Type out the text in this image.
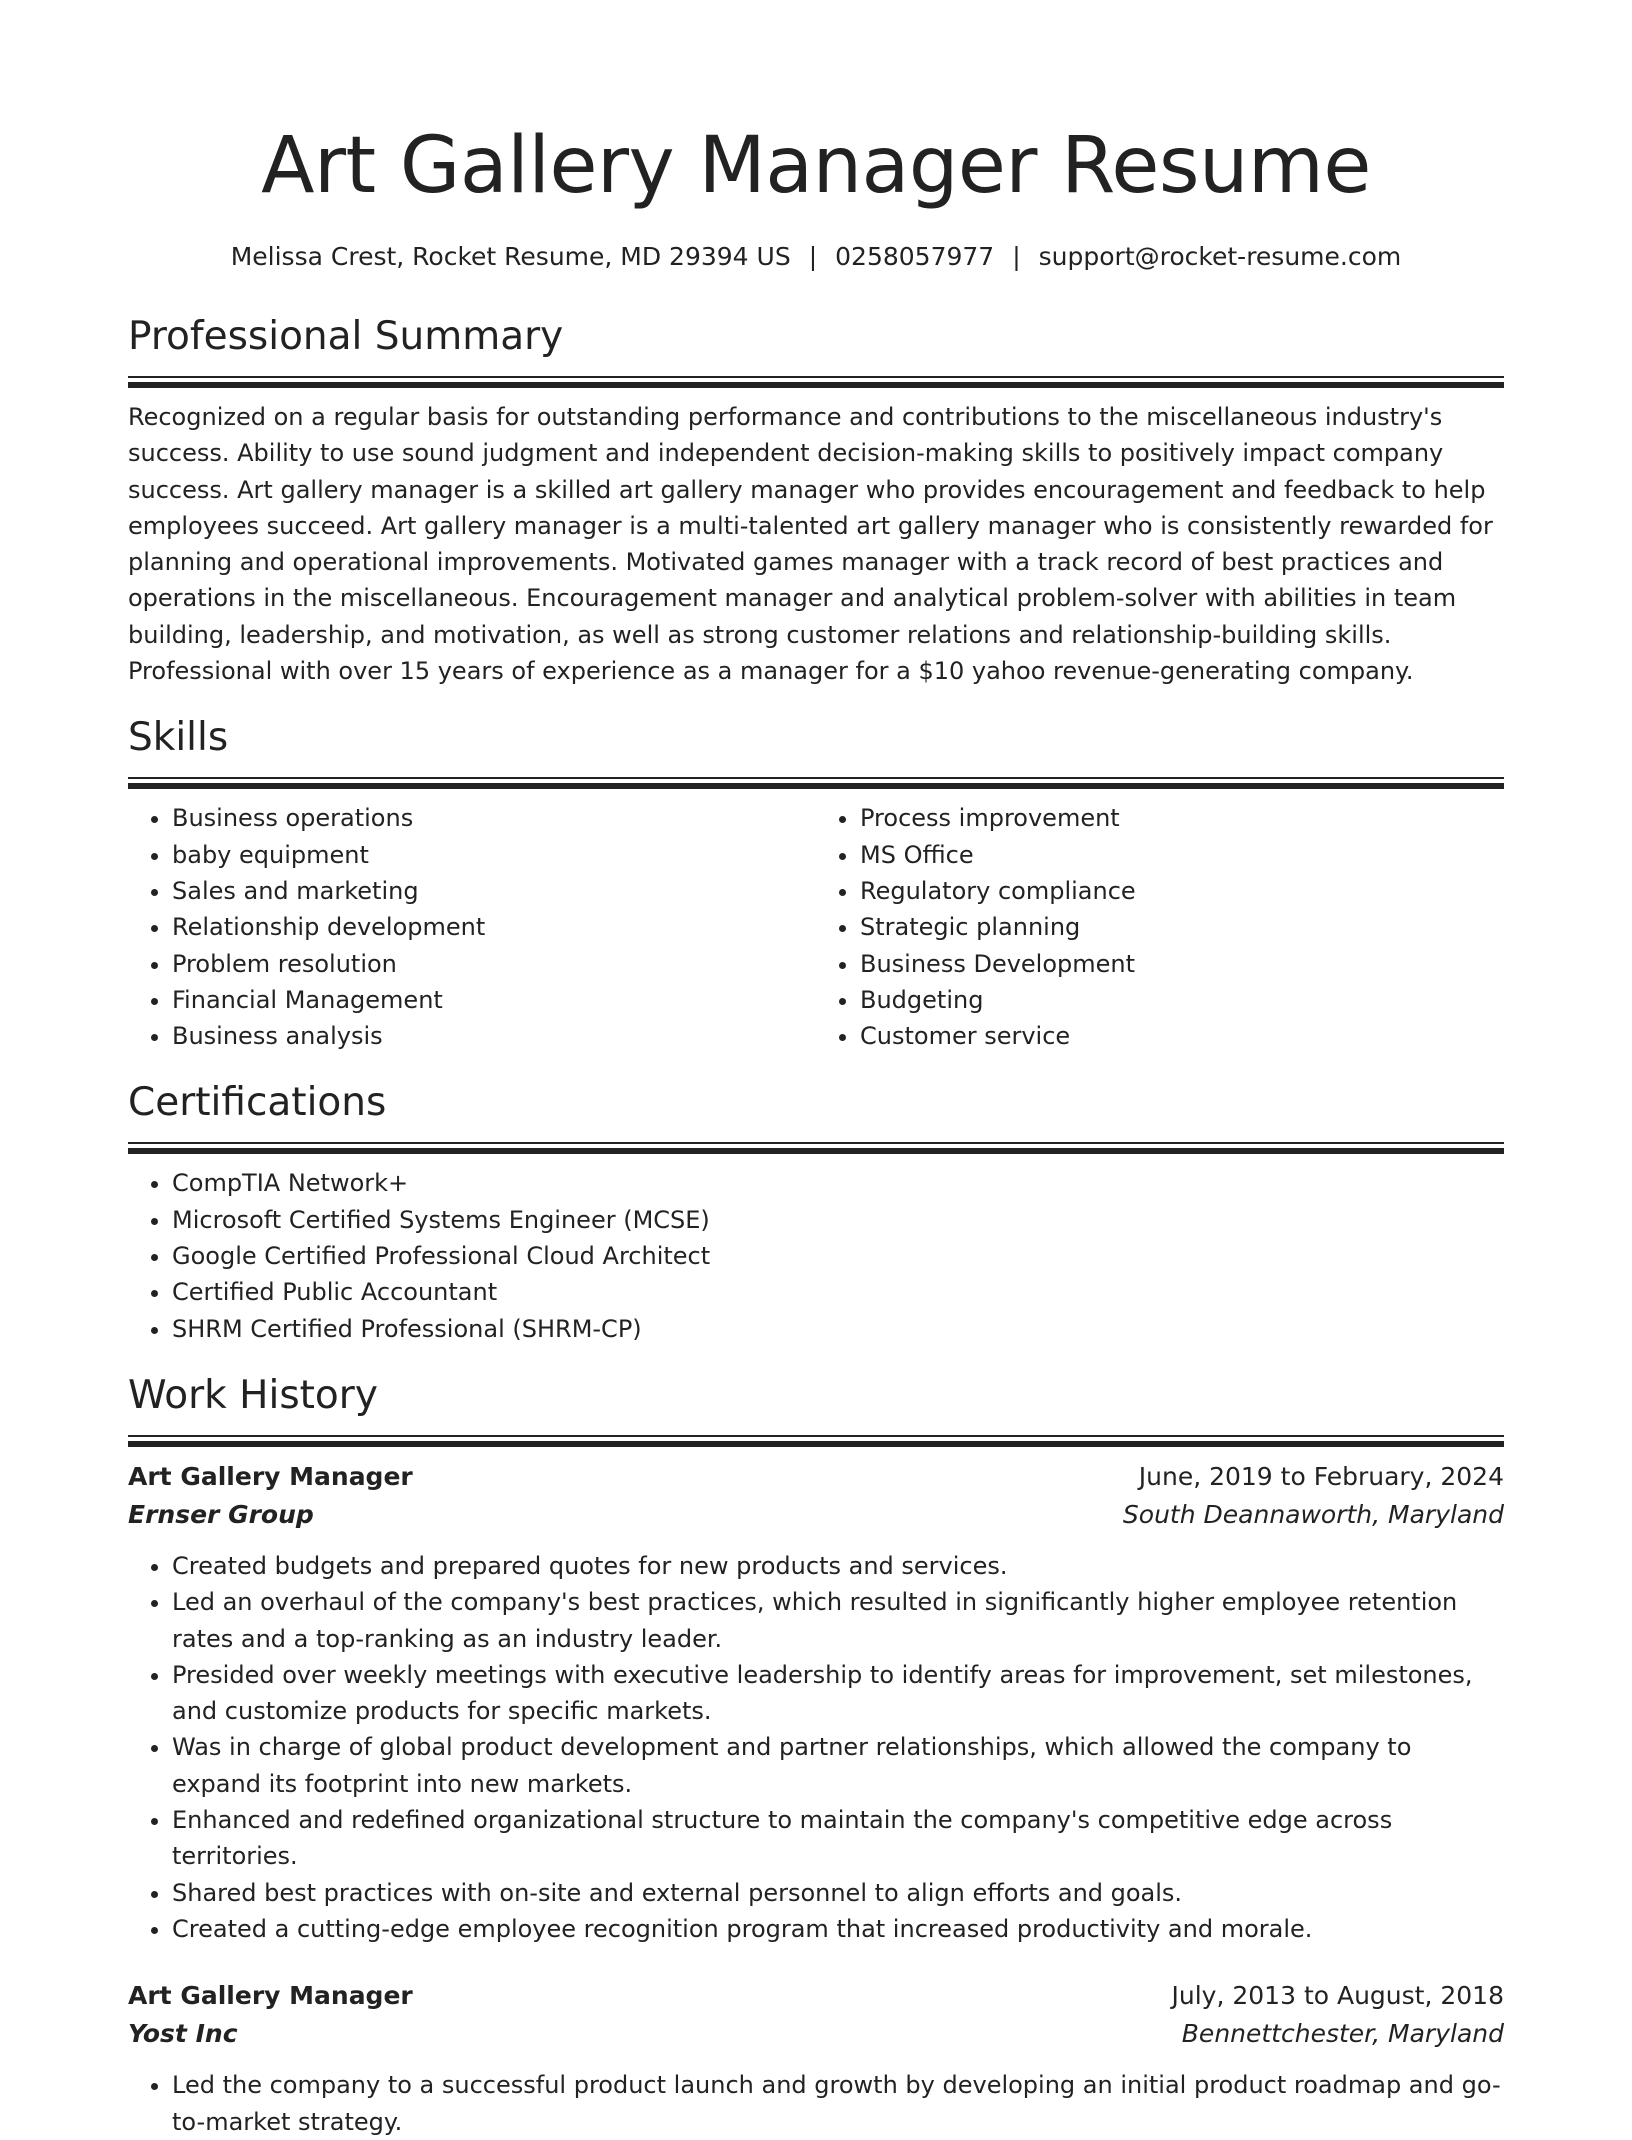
Art Gallery Manager Resume
Melissa Crest, Rocket Resume, MD 29394 US | 0258057977 | support@rocket-resume.com
Professional Summary

Recognized on a regular basis for outstanding performance and contributions to the miscellaneous industry's success. Ability to use sound judgment and independent decision-making skills to positively impact company success. Art gallery manager is a skilled art gallery manager who provides encouragement and feedback to help employees succeed. Art gallery manager is a multi-talented art gallery manager who is consistently rewarded for planning and operational improvements. Motivated games manager with a track record of best practices and operations in the miscellaneous. Encouragement manager and analytical problem-solver with abilities in team building, leadership, and motivation, as well as strong customer relations and relationship-building skills. Professional with over 15 years of experience as a manager for a $10 yahoo revenue-generating company.

Skills
• Business operations
• baby equipment
• Sales and marketing
• Relationship development
• Problem resolution
• Financial Management
• Business analysis
• Process improvement
• MS Office
• Regulatory compliance
• Strategic planning
• Business Development
• Budgeting
• Customer service
Certifications
• CompTIA Network+
• Microsoft Certified Systems Engineer (MCSE)
• Google Certified Professional Cloud Architect
• Certified Public Accountant
• SHRM Certified Professional (SHRM-CP)
Work History
Art Gallery Manager	June, 2019 to February, 2024
Ernser Group	South Deannaworth, Maryland
• Created budgets and prepared quotes for new products and services.
• Led an overhaul of the company's best practices, which resulted in significantly higher employee retention rates and a top-ranking as an industry leader.
• Presided over weekly meetings with executive leadership to identify areas for improvement, set milestones, and customize products for specific markets.
• Was in charge of global product development and partner relationships, which allowed the company to expand its footprint into new markets.
• Enhanced and redefined organizational structure to maintain the company's competitive edge across territories.
• Shared best practices with on-site and external personnel to align efforts and goals.
• Created a cutting-edge employee recognition program that increased productivity and morale.
Art Gallery Manager	July, 2013 to August, 2018
Yost Inc	Bennettchester, Maryland
• Led the company to a successful product launch and growth by developing an initial product roadmap and go-to-market strategy.
